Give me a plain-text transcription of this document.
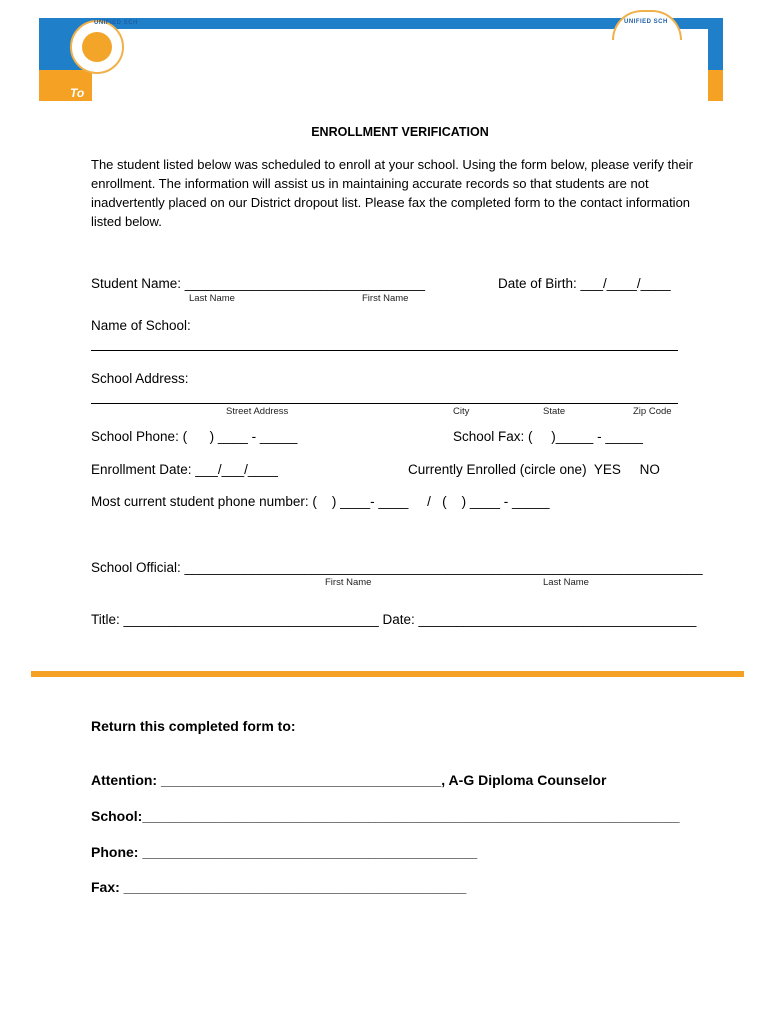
UNIFIED SCH	UNIFIED SCH
To
ENROLLMENT VERIFICATION
The student listed below was scheduled to enroll at your school. Using the form below, please verify their enrollment. The information will assist us in maintaining accurate records so that students are not inadvertently placed on our District dropout list. Please fax the completed form to the contact information listed below.
Student Name: ________________________________
Last Name	First Name
Date of Birth: ___/____/____
Name of School:
School Address:
Street Address	City	State	Zip Code
School Phone: (      ) ____ - _____	School Fax: (     )_____ - _____
Enrollment Date: ___/___/____	Currently Enrolled (circle one)  YES     NO
Most current student phone number: (    ) ____- ____     /   (    ) ____ - _____
School Official: _____________________________________________________________________
First Name	Last Name
Title: __________________________________ Date: _____________________________________
Return this completed form to:
Attention: ____________________________________, A-G Diploma Counselor
School:_____________________________________________________________________
Phone: ___________________________________________
Fax: ____________________________________________
